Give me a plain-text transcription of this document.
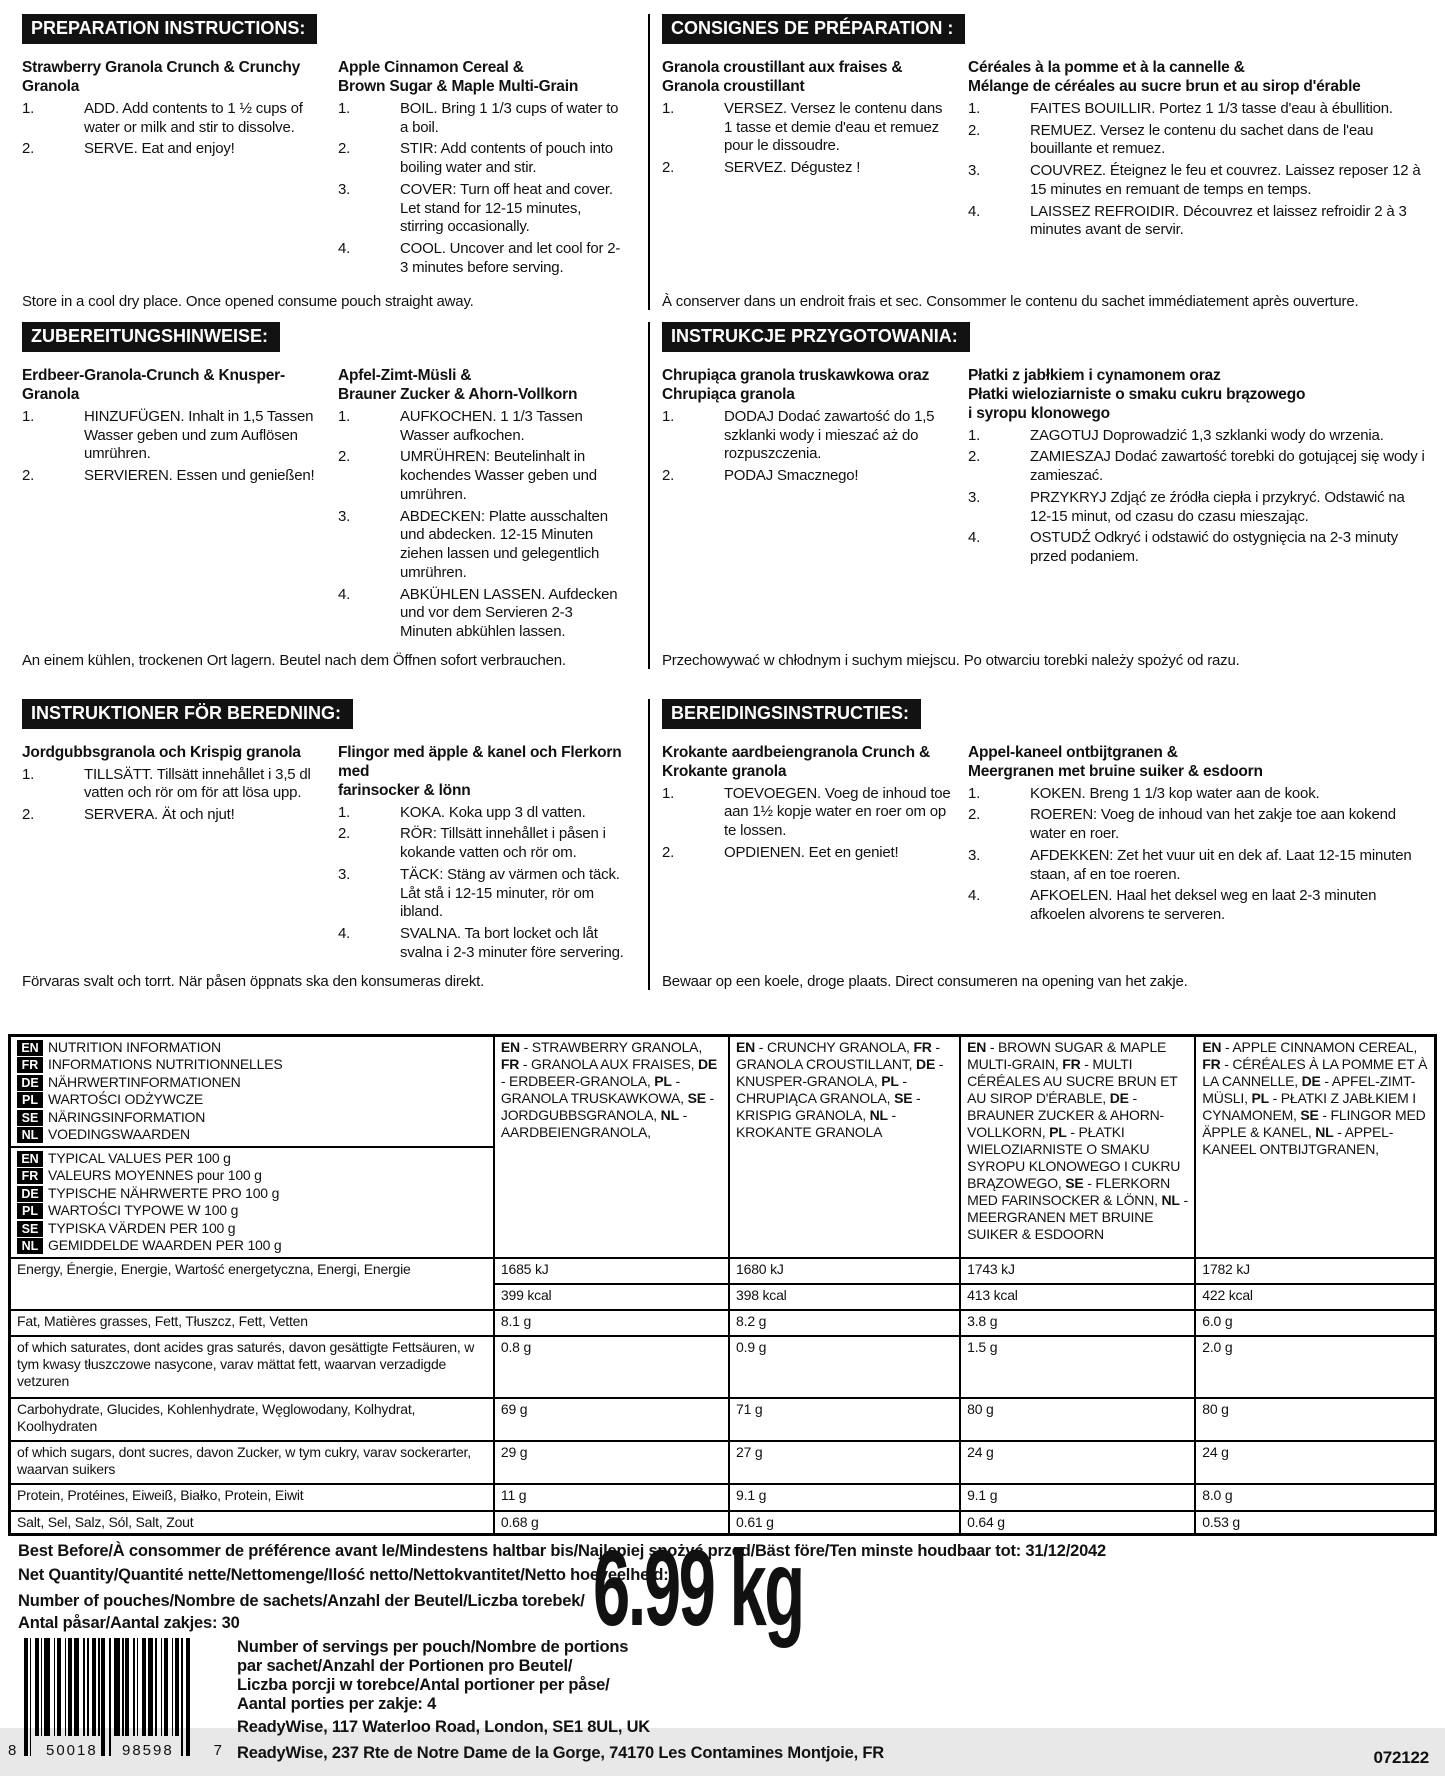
PREPARATION INSTRUCTIONS:
Strawberry Granola Crunch & Crunchy Granola
1.	ADD. Add contents to 1 ½ cups of water or milk and stir to dissolve.
2.	SERVE. Eat and enjoy!
Apple Cinnamon Cereal &
Brown Sugar & Maple Multi-Grain
1.	BOIL. Bring 1 1/3 cups of water to a boil.
2.	STIR: Add contents of pouch into boiling water and stir.
3.	COVER: Turn off heat and cover. Let stand for 12-15 minutes, stirring occasionally.
4.	COOL. Uncover and let cool for 2-3 minutes before serving.
Store in a cool dry place. Once opened consume pouch straight away.
CONSIGNES DE PRÉPARATION :
Granola croustillant aux fraises &
Granola croustillant
1.	VERSEZ. Versez le contenu dans 1 tasse et demie d'eau et remuez pour le dissoudre.
2.	SERVEZ. Dégustez !
Céréales à la pomme et à la cannelle &
Mélange de céréales au sucre brun et au sirop d'érable
1.	FAITES BOUILLIR. Portez 1 1/3 tasse d'eau à ébullition.
2.	REMUEZ. Versez le contenu du sachet dans de l'eau bouillante et remuez.
3.	COUVREZ. Éteignez le feu et couvrez. Laissez reposer 12 à 15 minutes en remuant de temps en temps.
4.	LAISSEZ REFROIDIR. Découvrez et laissez refroidir 2 à 3 minutes avant de servir.
À conserver dans un endroit frais et sec. Consommer le contenu du sachet immédiatement après ouverture.
ZUBEREITUNGSHINWEISE:
Erdbeer-Granola-Crunch & Knusper-Granola
1.	HINZUFÜGEN. Inhalt in 1,5 Tassen Wasser geben und zum Auflösen umrühren.
2.	SERVIEREN. Essen und genießen!
Apfel-Zimt-Müsli &
Brauner Zucker & Ahorn-Vollkorn
1.	AUFKOCHEN. 1 1/3 Tassen Wasser aufkochen.
2.	UMRÜHREN: Beutelinhalt in kochendes Wasser geben und umrühren.
3.	ABDECKEN: Platte ausschalten und abdecken. 12-15 Minuten ziehen lassen und gelegentlich umrühren.
4.	ABKÜHLEN LASSEN. Aufdecken und vor dem Servieren 2-3 Minuten abkühlen lassen.
An einem kühlen, trockenen Ort lagern. Beutel nach dem Öffnen sofort verbrauchen.
INSTRUKCJE PRZYGOTOWANIA:
Chrupiąca granola truskawkowa oraz
Chrupiąca granola
1.	DODAJ Dodać zawartość do 1,5 szklanki wody i mieszać aż do rozpuszczenia.
2.	PODAJ Smacznego!
Płatki z jabłkiem i cynamonem oraz
Płatki wieloziarniste o smaku cukru brązowego
i syropu klonowego
1.	ZAGOTUJ Doprowadzić 1,3 szklanki wody do wrzenia.
2.	ZAMIESZAJ Dodać zawartość torebki do gotującej się wody i zamieszać.
3.	PRZYKRYJ Zdjąć ze źródła ciepła i przykryć. Odstawić na 12-15 minut, od czasu do czasu mieszając.
4.	OSTUDŹ Odkryć i odstawić do ostygnięcia na 2-3 minuty przed podaniem.
Przechowywać w chłodnym i suchym miejscu. Po otwarciu torebki należy spożyć od razu.
INSTRUKTIONER FÖR BEREDNING:
Jordgubbsgranola och Krispig granola
1.	TILLSÄTT. Tillsätt innehållet i 3,5 dl vatten och rör om för att lösa upp.
2.	SERVERA. Ät och njut!
Flingor med äpple & kanel och Flerkorn med
farinsocker & lönn
1.	KOKA. Koka upp 3 dl vatten.
2.	RÖR: Tillsätt innehållet i påsen i kokande vatten och rör om.
3.	TÄCK: Stäng av värmen och täck. Låt stå i 12-15 minuter, rör om ibland.
4.	SVALNA. Ta bort locket och låt svalna i 2-3 minuter före servering.
Förvaras svalt och torrt. När påsen öppnats ska den konsumeras direkt.
BEREIDINGSINSTRUCTIES:
Krokante aardbeiengranola Crunch &
Krokante granola
1.	TOEVOEGEN. Voeg de inhoud toe aan 1½ kopje water en roer om op te lossen.
2.	OPDIENEN. Eet en geniet!
Appel-kaneel ontbijtgranen &
Meergranen met bruine suiker & esdoorn
1.	KOKEN. Breng 1 1/3 kop water aan de kook.
2.	ROEREN: Voeg de inhoud van het zakje toe aan kokend water en roer.
3.	AFDEKKEN: Zet het vuur uit en dek af. Laat 12-15 minuten staan, af en toe roeren.
4.	AFKOELEN. Haal het deksel weg en laat 2-3 minuten afkoelen alvorens te serveren.
Bewaar op een koele, droge plaats. Direct consumeren na opening van het zakje.
EN NUTRITION INFORMATION
FR INFORMATIONS NUTRITIONNELLES
DE NÄHRWERTINFORMATIONEN
PL WARTOŚCI ODŻYWCZE
SE NÄRINGSINFORMATION
NL VOEDINGSWAARDEN
	EN - STRAWBERRY GRANOLA, FR - GRANOLA AUX FRAISES, DE - ERDBEER-GRANOLA, PL - GRANOLA TRUSKAWKOWA, SE - JORDGUBBSGRANOLA, NL - AARDBEIENGRANOLA,	EN - CRUNCHY GRANOLA, FR - GRANOLA CROUSTILLANT, DE - KNUSPER-GRANOLA, PL - CHRUPIĄCA GRANOLA, SE - KRISPIG GRANOLA, NL - KROKANTE GRANOLA	EN - BROWN SUGAR & MAPLE MULTI-GRAIN, FR - MULTI CÉRÉALES AU SUCRE BRUN ET AU SIROP D'ÉRABLE, DE - BRAUNER ZUCKER & AHORN-VOLLKORN, PL - PŁATKI WIELOZIARNISTE O SMAKU SYROPU KLONOWEGO I CUKRU BRĄZOWEGO, SE - FLERKORN MED FARINSOCKER & LÖNN, NL - MEERGRANEN MET BRUINE SUIKER & ESDOORN	EN - APPLE CINNAMON CEREAL, FR - CÉRÉALES À LA POMME ET À LA CANNELLE, DE - APFEL-ZIMT-MÜSLI, PL - PŁATKI Z JABŁKIEM I CYNAMONEM, SE - FLINGOR MED ÄPPLE & KANEL, NL - APPEL-KANEEL ONTBIJTGRANEN,

EN TYPICAL VALUES PER 100 g
FR VALEURS MOYENNES pour 100 g
DE TYPISCHE NÄHRWERTE PRO 100 g
PL WARTOŚCI TYPOWE W 100 g
SE TYPISKA VÄRDEN PER 100 g
NL GEMIDDELDE WAARDEN PER 100 g

Energy, Énergie, Energie, Wartość energetyczna, Energi, Energie	1685 kJ	1680 kJ	1743 kJ	1782 kJ
	399 kcal	398 kcal	413 kcal	422 kcal
Fat, Matières grasses, Fett, Tłuszcz, Fett, Vetten	8.1 g	8.2 g	3.8 g	6.0 g
of which saturates, dont acides gras saturés, davon gesättigte Fettsäuren, w tym kwasy tłuszczowe nasycone, varav mättat fett, waarvan verzadigde vetzuren	0.8 g	0.9 g	1.5 g	2.0 g
Carbohydrate, Glucides, Kohlenhydrate, Węglowodany, Kolhydrat, Koolhydraten	69 g	71 g	80 g	80 g
of which sugars, dont sucres, davon Zucker, w tym cukry, varav sockerarter, waarvan suikers	29 g	27 g	24 g	24 g
Protein, Protéines, Eiweiß, Białko, Protein, Eiwit	11 g	9.1 g	9.1 g	8.0 g
Salt, Sel, Salz, Sól, Salt, Zout	0.68 g	0.61 g	0.64 g	0.53 g
Best Before/À consommer de préférence avant le/Mindestens haltbar bis/Najlepiej spożyć przed/Bäst före/Ten minste houdbaar tot: 31/12/2042
Net Quantity/Quantité nette/Nettomenge/Ilość netto/Nettokvantitet/Netto hoeveelheid:
6.99 kg
Number of pouches/Nombre de sachets/Anzahl der Beutel/Liczba torebek/
Antal påsar/Aantal zakjes: 30
8 50018 98598	7
Number of servings per pouch/Nombre de portions
par sachet/Anzahl der Portionen pro Beutel/
Liczba porcji w torebce/Antal portioner per påse/
Aantal porties per zakje: 4
ReadyWise, 117 Waterloo Road, London, SE1 8UL, UK
ReadyWise, 237 Rte de Notre Dame de la Gorge, 74170 Les Contamines Montjoie, FR	072122
